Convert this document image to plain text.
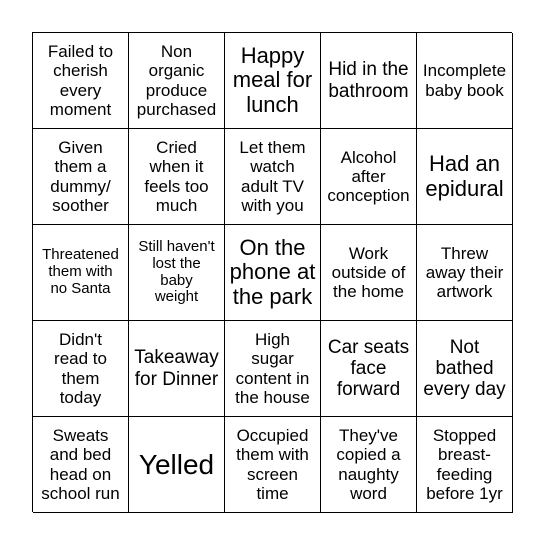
Failed to
cherish
every
moment
Non
organic
produce
purchased
Happy
meal for
lunch
Hid in the
bathroom
Incomplete
baby book
Given
them a
dummy/
soother
Cried
when it
feels too
much
Let them
watch
adult TV
with you
Alcohol
after
conception
Had an
epidural
Threatened
them with
no Santa
Still haven't
lost the
baby
weight
On the
phone at
the park
Work
outside of
the home
Threw
away their
artwork
Didn't
read to
them
today
Takeaway
for Dinner
High
sugar
content in
the house
Car seats
face
forward
Not
bathed
every day
Sweats
and bed
head on
school run
Yelled
Occupied
them with
screen
time
They've
copied a
naughty
word
Stopped
breast-
feeding
before 1yr
